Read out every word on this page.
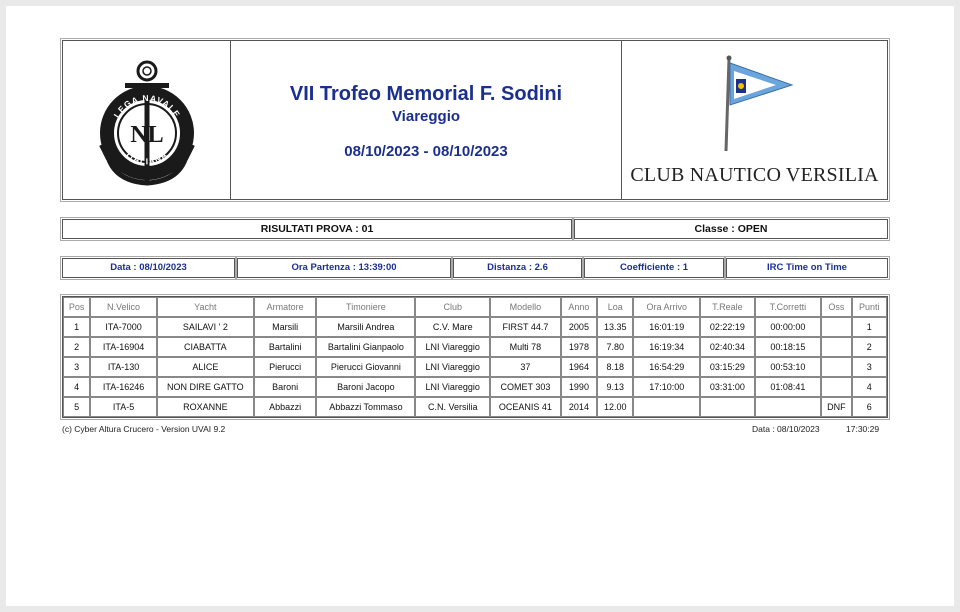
NL
LEGA NAVALE
ITALIANA
VII Trofeo Memorial F. Sodini
Viareggio
08/10/2023 - 08/10/2023
CLUB NAUTICO VERSILIA
RISULTATI PROVA : 01	Classe : OPEN
Data : 08/10/2023	Ora Partenza : 13:39:00	Distanza : 2.6	Coefficiente : 1	IRC Time on Time
Pos	N.Velico	Yacht	Armatore	Timoniere	Club	Modello	Anno	Loa	Ora Arrivo	T.Reale	T.Corretti	Oss	Punti
1	ITA-7000	SAILAVI ' 2	Marsili	Marsili Andrea	C.V. Mare	FIRST 44.7	2005	13.35	16:01:19	02:22:19	00:00:00		1
2	ITA-16904	CIABATTA	Bartalini	Bartalini Gianpaolo	LNI Viareggio	Multi 78	1978	7.80	16:19:34	02:40:34	00:18:15		2
3	ITA-130	ALICE	Pierucci	Pierucci Giovanni	LNI Viareggio	37	1964	8.18	16:54:29	03:15:29	00:53:10		3
4	ITA-16246	NON DIRE GATTO	Baroni	Baroni Jacopo	LNI Viareggio	COMET 303	1990	9.13	17:10:00	03:31:00	01:08:41		4
5	ITA-5	ROXANNE	Abbazzi	Abbazzi Tommaso	C.N. Versilia	OCEANIS 41	2014	12.00				DNF	6
(c) Cyber Altura Crucero - Version UVAI 9.2	Data : 08/10/2023	17:30:29
